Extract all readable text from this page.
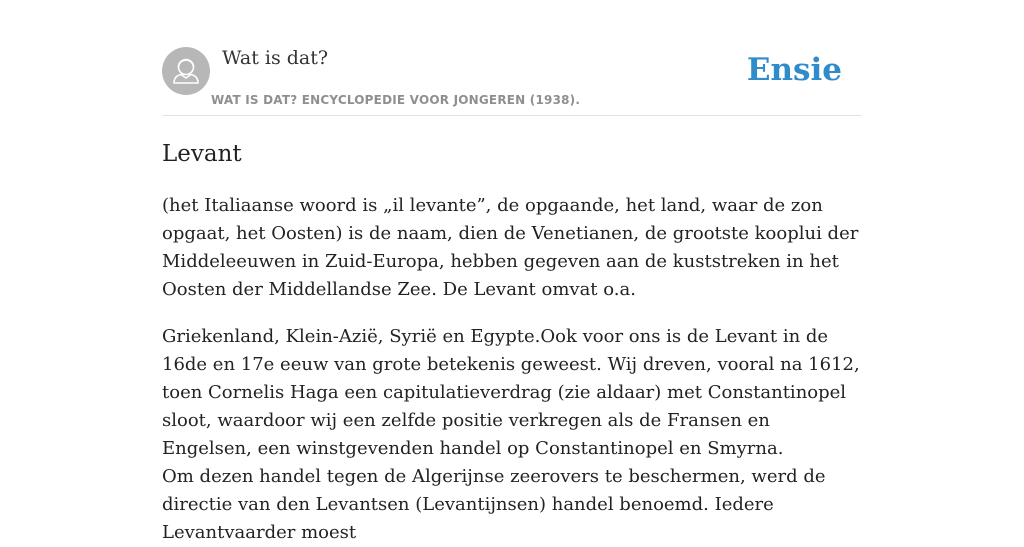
Wat is dat?
WAT IS DAT? ENCYCLOPEDIE VOOR JONGEREN (1938).
Ensie
Levant

(het Italiaanse woord is „il levante”, de opgaande, het land, waar de zon opgaat, het Oosten) is de naam, dien de Venetianen, de grootste kooplui der Middeleeuwen in Zuid-Europa, hebben gegeven aan de kuststreken in het Oosten der Middellandse Zee. De Levant omvat o.a.

Griekenland, Klein-Azië, Syrië en Egypte.Ook voor ons is de Levant in de 16de en 17e eeuw van grote betekenis geweest. Wij dreven, vooral na 1612, toen Cornelis Haga een capitulatieverdrag (zie aldaar) met Constantinopel sloot, waardoor wij een zelfde positie verkregen als de Fransen en Engelsen, een winstgevenden handel op Constantinopel en Smyrna.

Om dezen handel tegen de Algerijnse zeerovers te beschermen, werd de directie van den Levantsen (Levantijnsen) handel benoemd. Iedere Levantvaarder moest
